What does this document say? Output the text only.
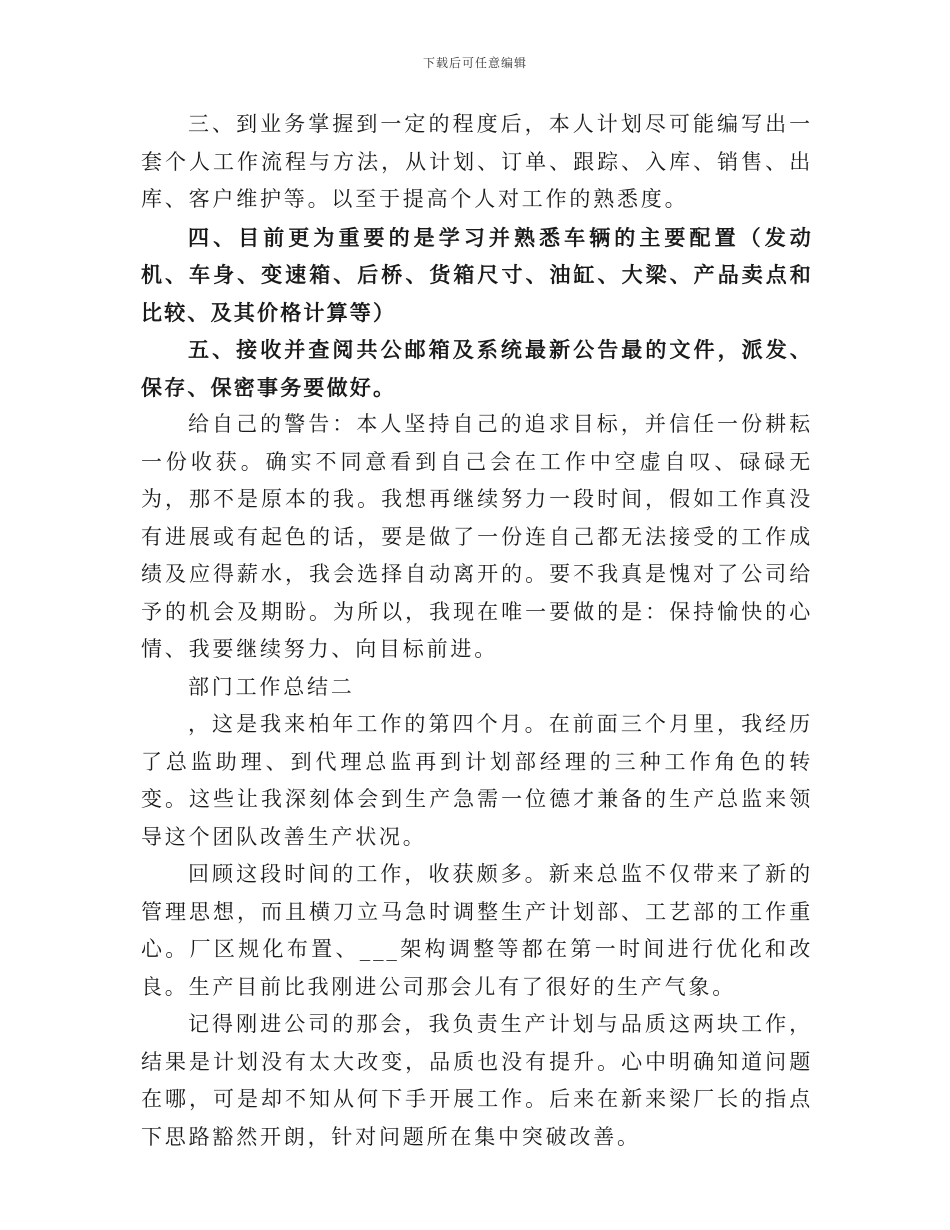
下载后可任意编辑

三、到业务掌握到一定的程度后，本人计划尽可能编写出一套个人工作流程与方法，从计划、订单、跟踪、入库、销售、出库、客户维护等。以至于提高个人对工作的熟悉度。

四、目前更为重要的是学习并熟悉车辆的主要配置（发动机、车身、变速箱、后桥、货箱尺寸、油缸、大梁、产品卖点和比较、及其价格计算等）

五、接收并查阅共公邮箱及系统最新公告最的文件，派发、保存、保密事务要做好。

给自己的警告：本人坚持自己的追求目标，并信任一份耕耘一份收获。确实不同意看到自己会在工作中空虚自叹、碌碌无为，那不是原本的我。我想再继续努力一段时间，假如工作真没有进展或有起色的话，要是做了一份连自己都无法接受的工作成绩及应得薪水，我会选择自动离开的。要不我真是愧对了公司给予的机会及期盼。为所以，我现在唯一要做的是：保持愉快的心情、我要继续努力、向目标前进。

部门工作总结二

，这是我来柏年工作的第四个月。在前面三个月里，我经历了总监助理、到代理总监再到计划部经理的三种工作角色的转变。这些让我深刻体会到生产急需一位德才兼备的生产总监来领导这个团队改善生产状况。

回顾这段时间的工作，收获颇多。新来总监不仅带来了新的管理思想，而且横刀立马急时调整生产计划部、工艺部的工作重心。厂区规化布置、___架构调整等都在第一时间进行优化和改良。生产目前比我刚进公司那会儿有了很好的生产气象。

记得刚进公司的那会，我负责生产计划与品质这两块工作，结果是计划没有太大改变，品质也没有提升。心中明确知道问题在哪，可是却不知从何下手开展工作。后来在新来梁厂长的指点下思路豁然开朗，针对问题所在集中突破改善。
